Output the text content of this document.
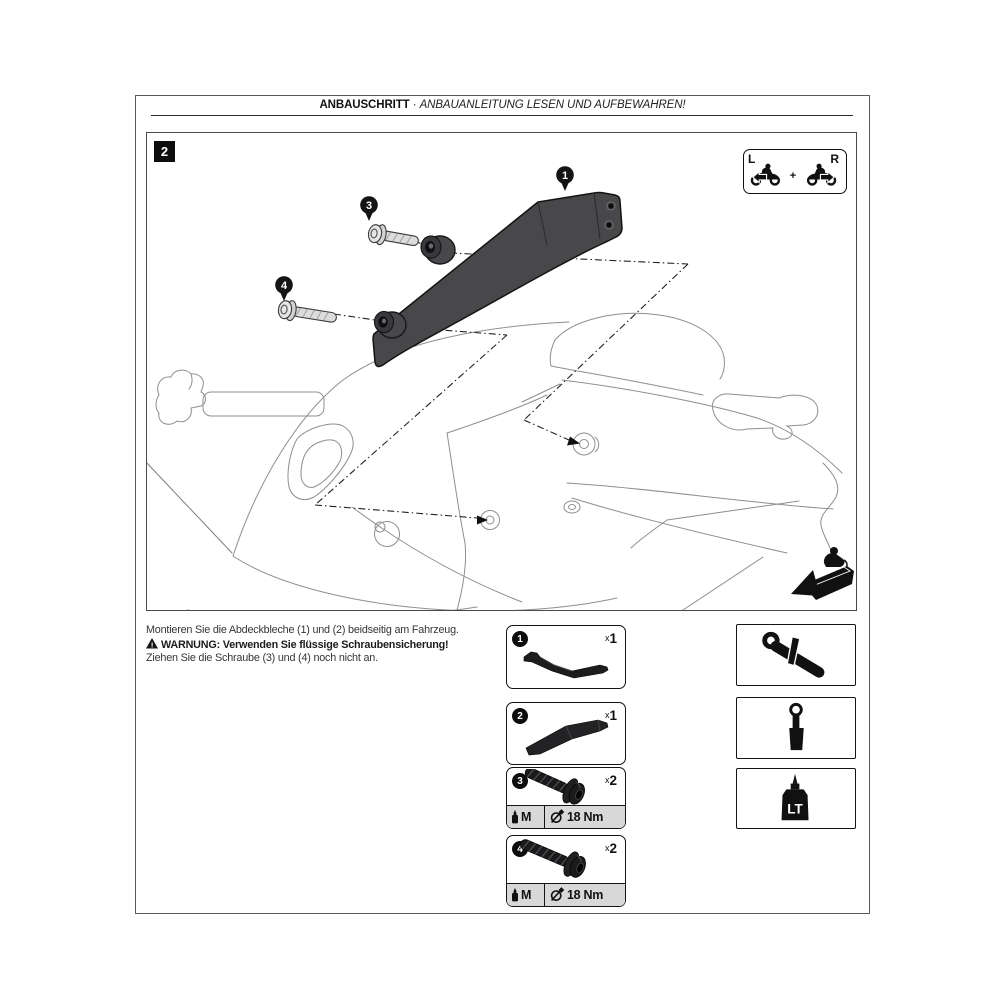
ANBAUSCHRITT · ANBAUANLEITUNG LESEN UND AUFBEWAHREN!
1
3
4
2	L	R
+
Montieren Sie die Abdeckbleche (1) und (2) beidseitig am Fahrzeug.
! WARNUNG: Verwenden Sie flüssige Schraubensicherung!
Ziehen Sie die Schraube (3) und (4) noch nicht an.
1	x1
2	x1
3	x2
M	18 Nm
4	x2
M	18 Nm
LT
